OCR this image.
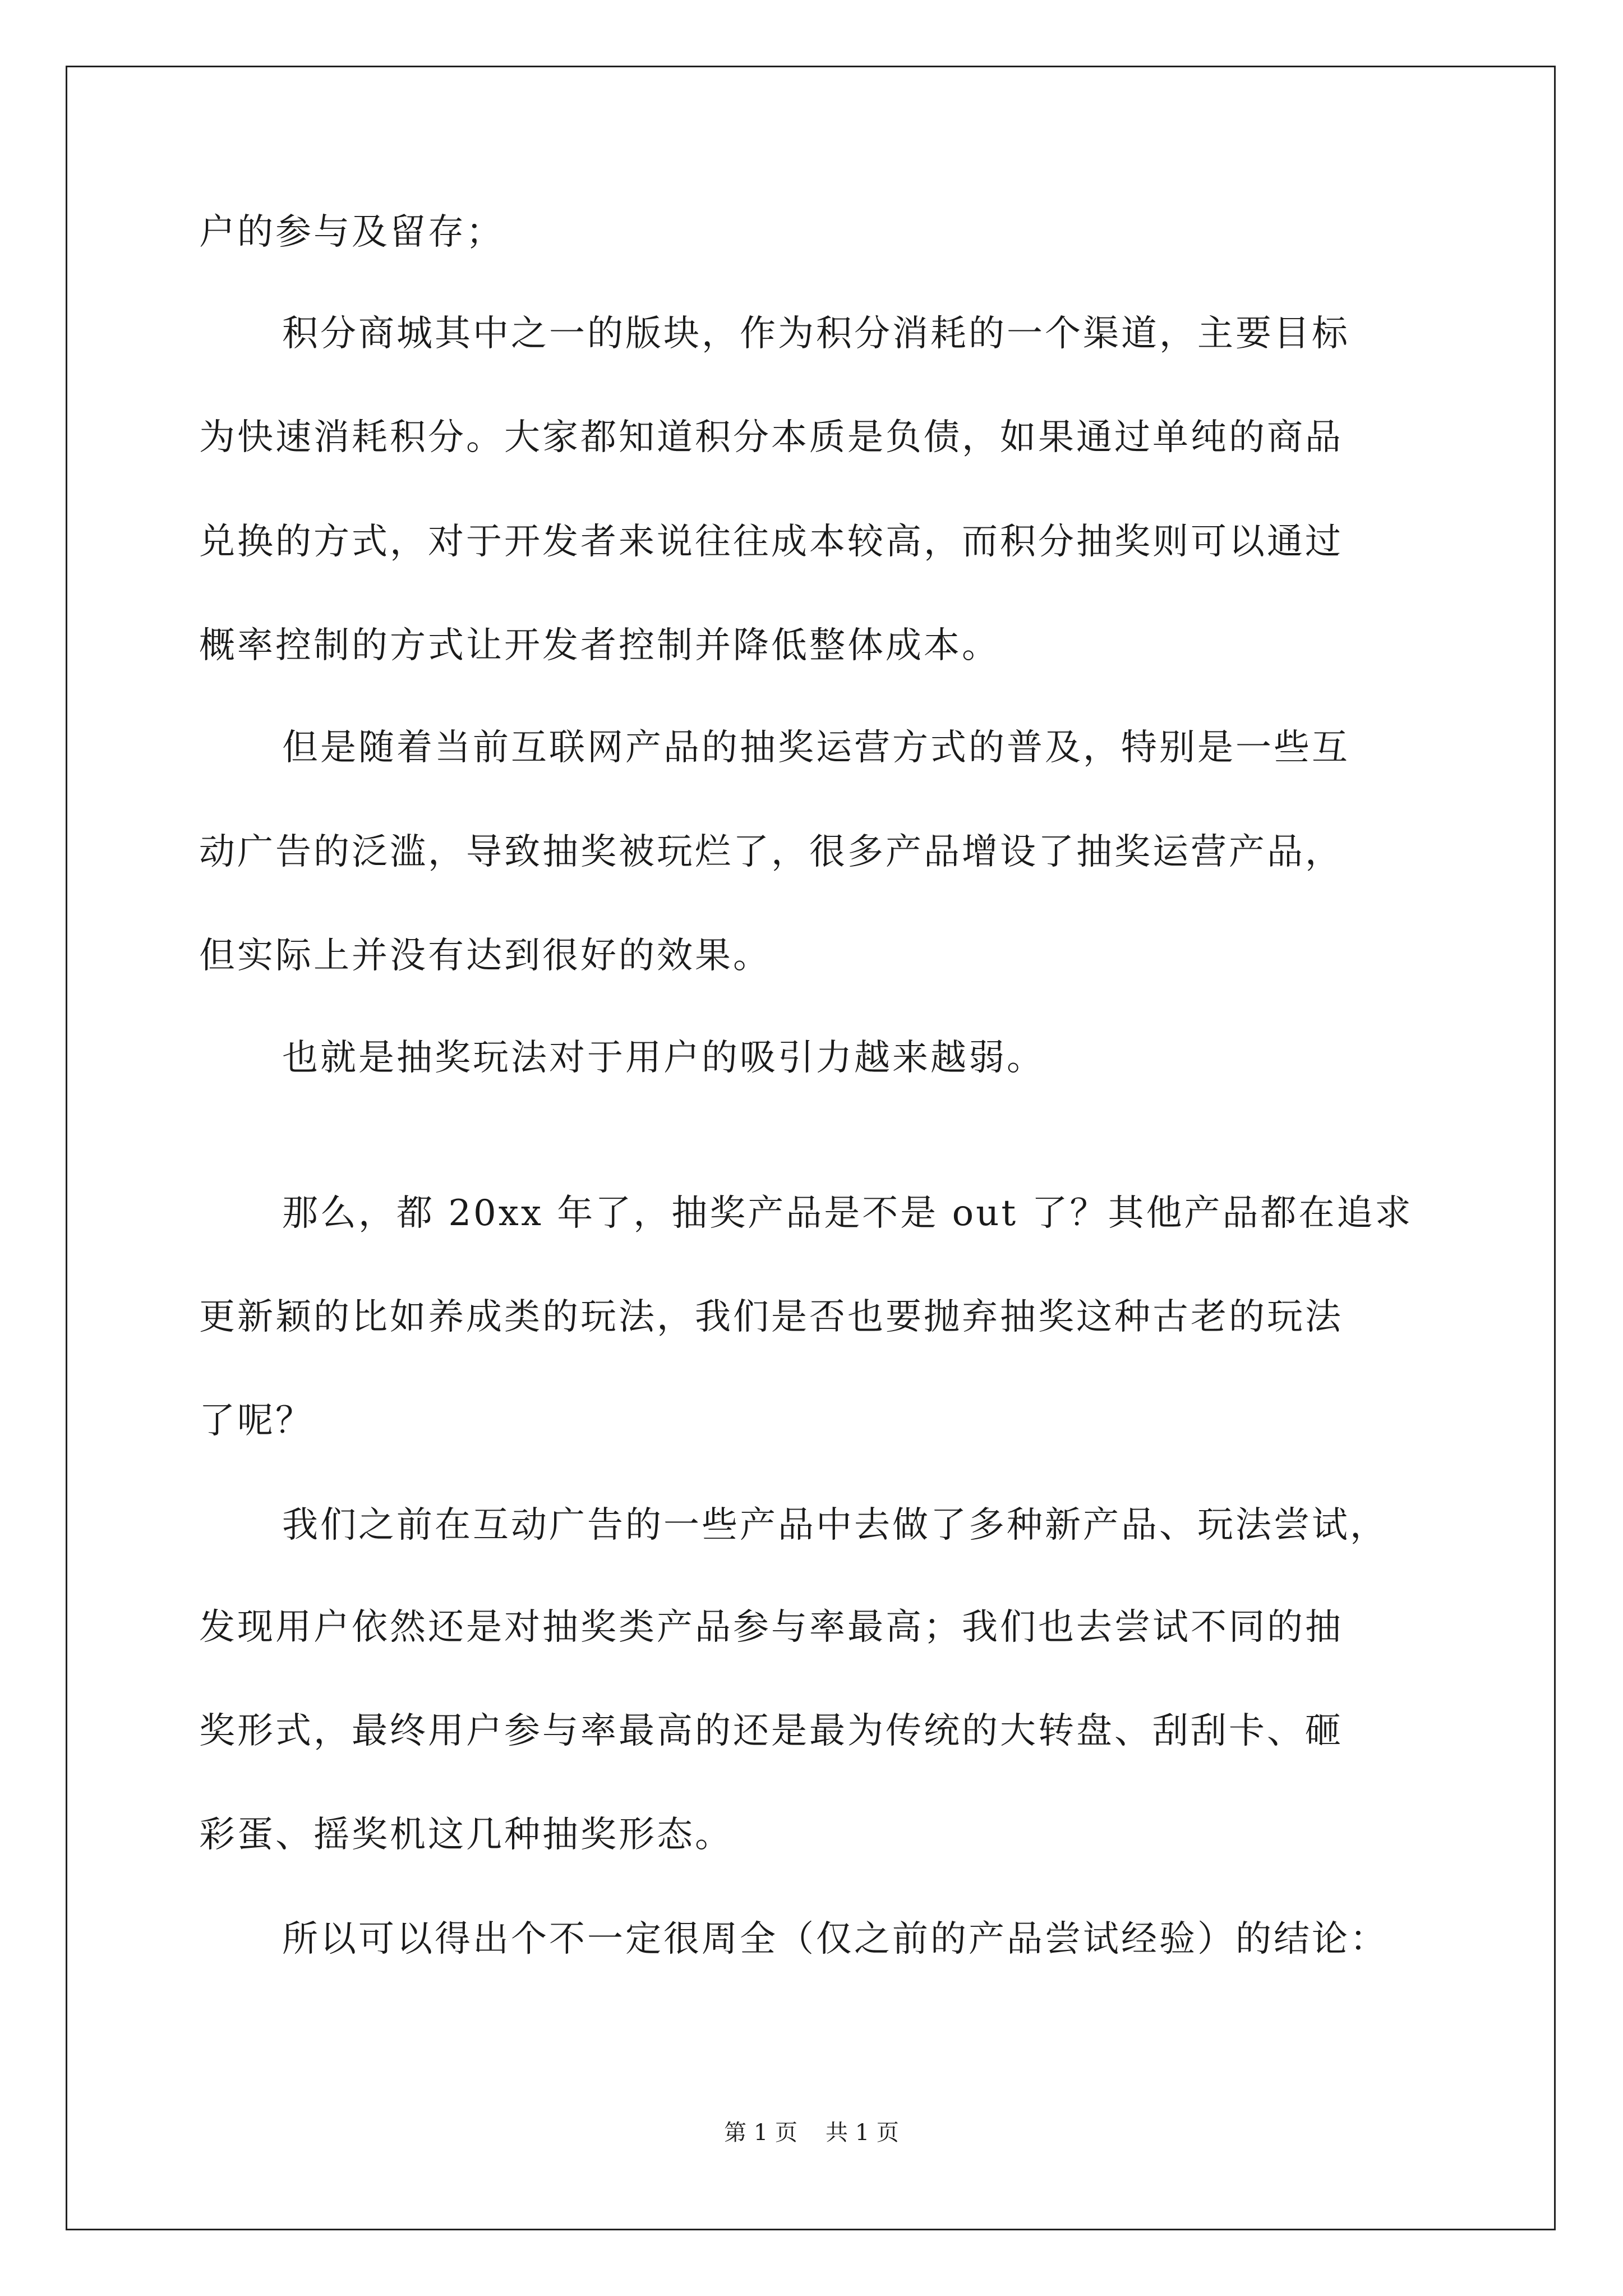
户的参与及留存；
积分商城其中之一的版块，作为积分消耗的一个渠道，主要目标
为快速消耗积分。大家都知道积分本质是负债，如果通过单纯的商品
兑换的方式，对于开发者来说往往成本较高，而积分抽奖则可以通过
概率控制的方式让开发者控制并降低整体成本。
但是随着当前互联网产品的抽奖运营方式的普及，特别是一些互
动广告的泛滥，导致抽奖被玩烂了，很多产品增设了抽奖运营产品，
但实际上并没有达到很好的效果。
也就是抽奖玩法对于用户的吸引力越来越弱。
那么，都 20xx 年了，抽奖产品是不是 out 了？其他产品都在追求
更新颖的比如养成类的玩法，我们是否也要抛弃抽奖这种古老的玩法
了呢？
我们之前在互动广告的一些产品中去做了多种新产品、玩法尝试，
发现用户依然还是对抽奖类产品参与率最高；我们也去尝试不同的抽
奖形式，最终用户参与率最高的还是最为传统的大转盘、刮刮卡、砸
彩蛋、摇奖机这几种抽奖形态。
所以可以得出个不一定很周全（仅之前的产品尝试经验）的结论：
第 1 页 共 1 页
